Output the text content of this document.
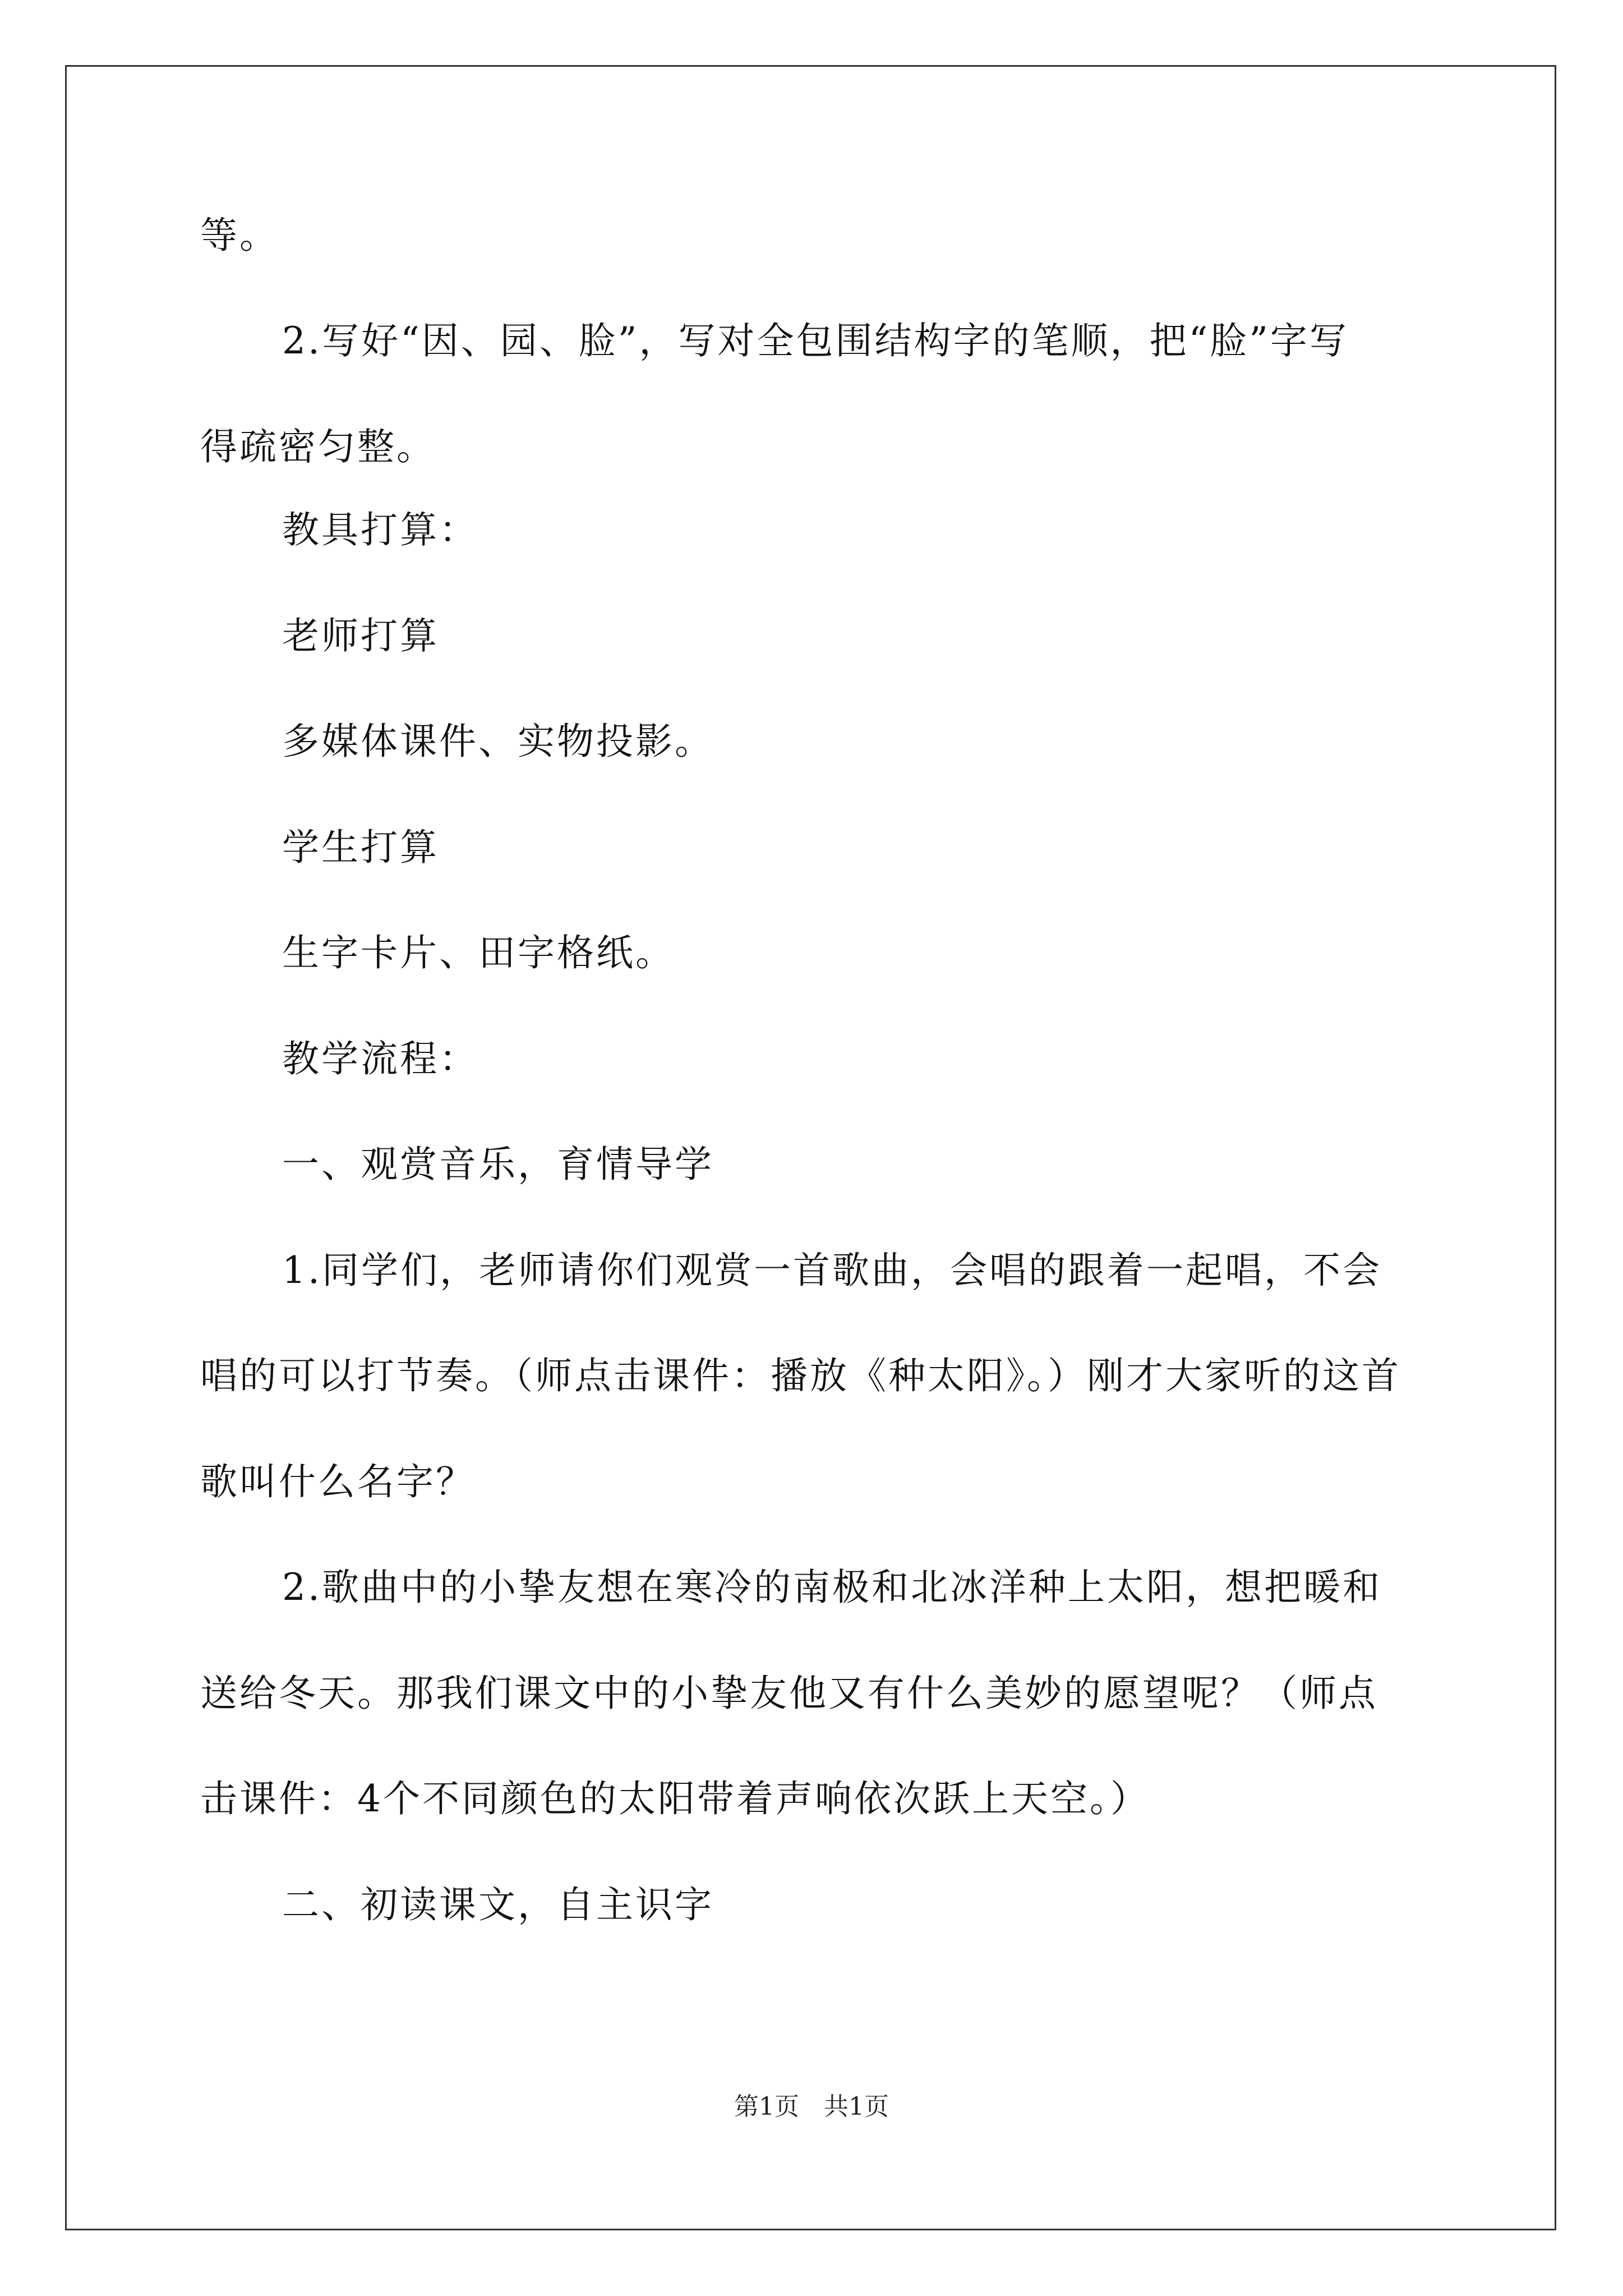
等。
2.写好“因、园、脸”，写对全包围结构字的笔顺，把“脸”字写
得疏密匀整。
教具打算：
老师打算
多媒体课件、实物投影。
学生打算
生字卡片、田字格纸。
教学流程：
一、观赏音乐，育情导学
1.同学们，老师请你们观赏一首歌曲，会唱的跟着一起唱，不会
唱的可以打节奏。（师点击课件：播放《种太阳》。）刚才大家听的这首
歌叫什么名字？
2.歌曲中的小挚友想在寒冷的南极和北冰洋种上太阳，想把暖和
送给冬天。那我们课文中的小挚友他又有什么美妙的愿望呢？（师点
击课件：4个不同颜色的太阳带着声响依次跃上天空。）
二、初读课文，自主识字
第1页　共1页
